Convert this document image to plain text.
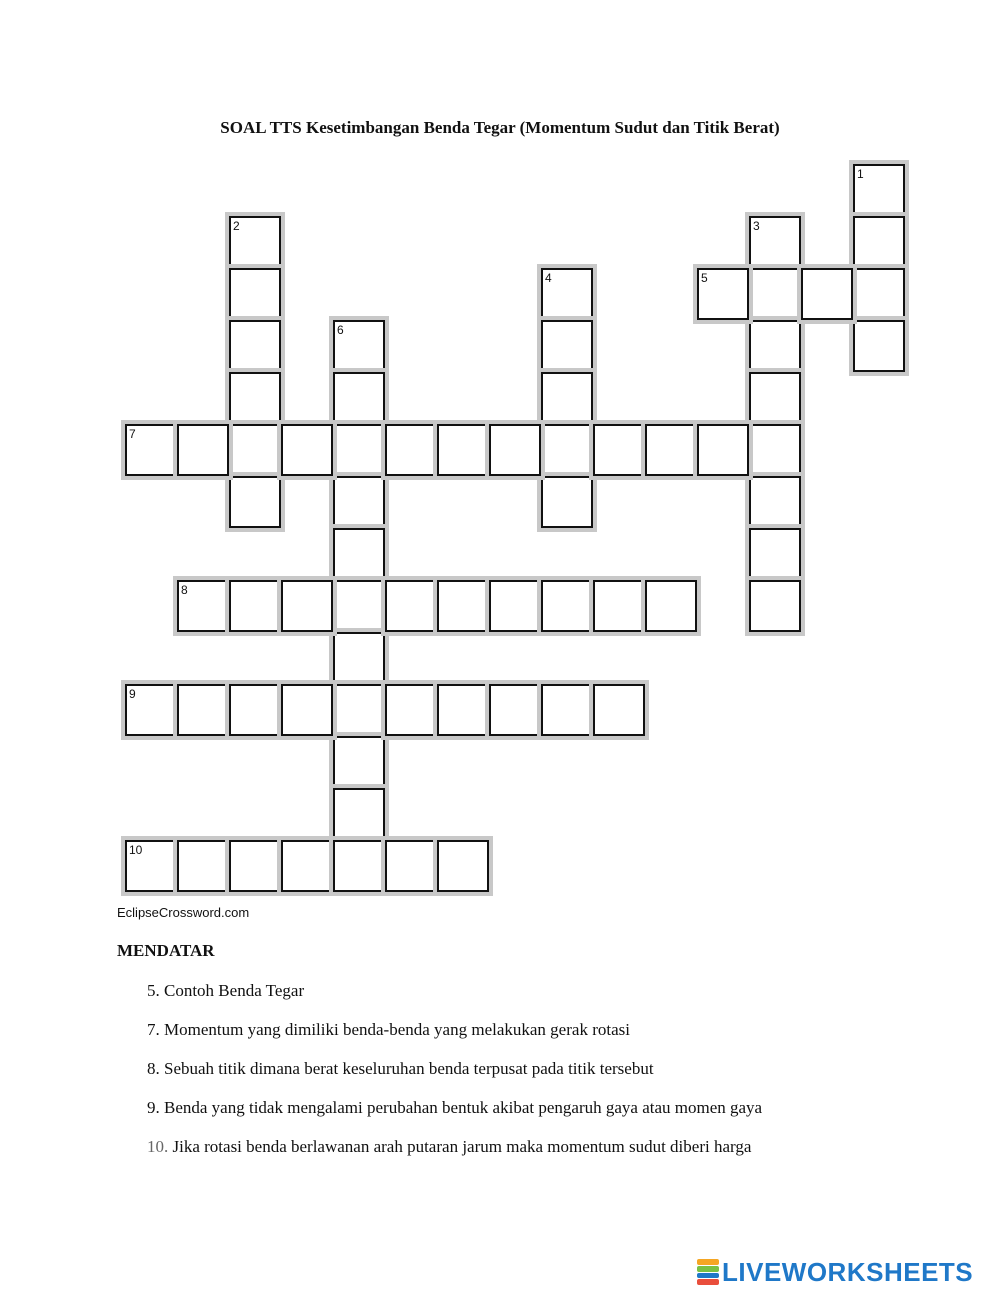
SOAL TTS Kesetimbangan Benda Tegar (Momentum Sudut dan Titik Berat)
1
2	3
4	5
6
7
8
9
10
EclipseCrossword.com
MENDATAR
5. Contoh Benda Tegar
7. Momentum yang dimiliki benda-benda yang melakukan gerak rotasi
8. Sebuah titik dimana berat keseluruhan benda terpusat pada titik tersebut
9. Benda yang tidak mengalami perubahan bentuk akibat pengaruh gaya atau momen gaya
10. Jika rotasi benda berlawanan arah putaran jarum maka momentum sudut diberi harga
LIVEWORKSHEETS
